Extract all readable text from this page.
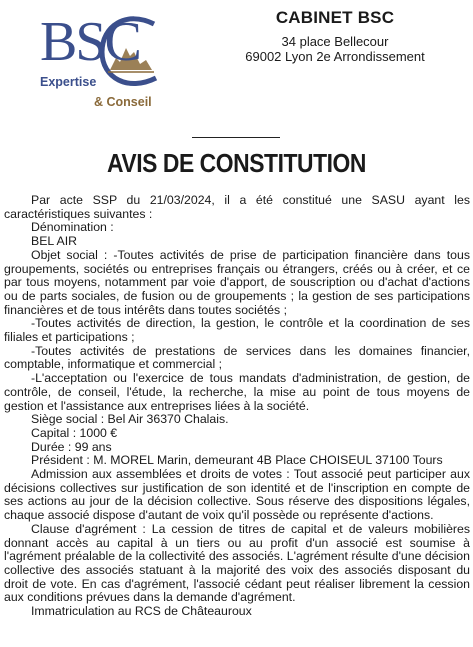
BSC
Expertise
& Conseil
CABINET BSC
34 place Bellecour
69002 Lyon 2e Arrondissement
AVIS DE CONSTITUTION

Par acte SSP du 21/03/2024, il a été constitué une SASU ayant les caractéristiques suivantes :

Dénomination :

BEL AIR

Objet social : -Toutes activités de prise de participation financière dans tous groupements, sociétés ou entreprises français ou étrangers, créés ou à créer, et ce par tous moyens, notamment par voie d'apport, de souscription ou d'achat d'actions ou de parts sociales, de fusion ou de groupements ; la gestion de ses participations financières et de tous intérêts dans toutes sociétés ;

-Toutes activités de direction, la gestion, le contrôle et la coordination de ses filiales et participations ;

-Toutes activités de prestations de services dans les domaines financier, comptable, informatique et commercial ;

-L'acceptation ou l'exercice de tous mandats d'administration, de gestion, de contrôle, de conseil, l'étude, la recherche, la mise au point de tous moyens de gestion et l'assistance aux entreprises liées à la société.

Siège social : Bel Air 36370 Chalais.

Capital : 1000 €

Durée : 99 ans

Président : M. MOREL Marin, demeurant 4B Place CHOISEUL 37100 Tours

Admission aux assemblées et droits de votes : Tout associé peut participer aux décisions collectives sur justification de son identité et de l'inscription en compte de ses actions au jour de la décision collective. Sous réserve des dispositions légales, chaque associé dispose d'autant de voix qu'il possède ou représente d'actions.

Clause d'agrément : La cession de titres de capital et de valeurs mobilières donnant accès au capital à un tiers ou au profit d'un associé est soumise à l'agrément préalable de la collectivité des associés. L'agrément résulte d'une décision collective des associés statuant à la majorité des voix des associés disposant du droit de vote. En cas d'agrément, l'associé cédant peut réaliser librement la cession aux conditions prévues dans la demande d'agrément.

Immatriculation au RCS de Châteauroux
